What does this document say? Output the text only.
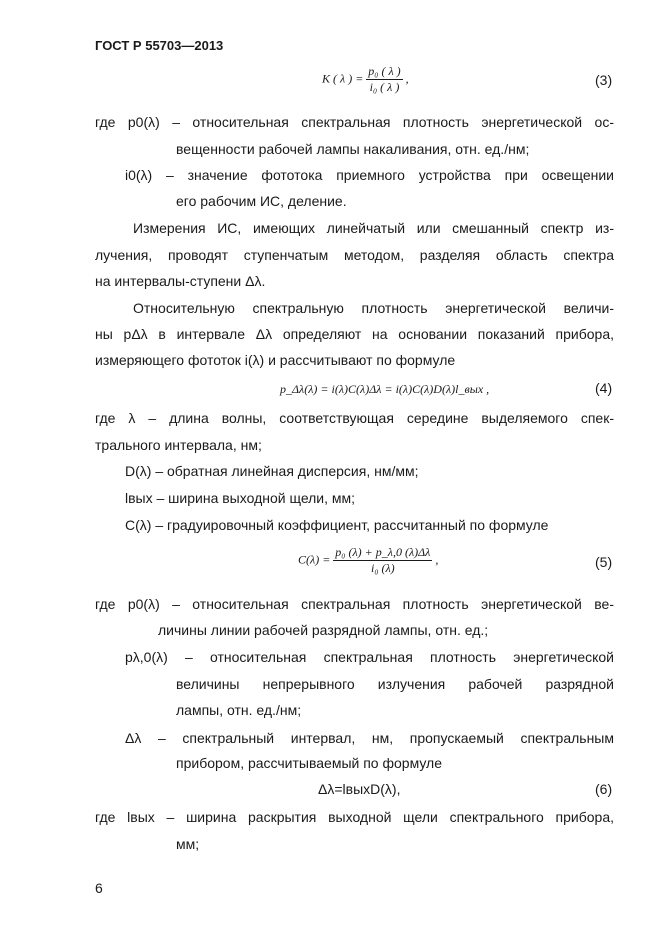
ГОСТ Р 55703—2013
K ( λ ) = $\frac{\text{p₀ ( λ )}}{\text{i₀ ( λ )}}$ ,	(3)
где p0(λ) – относительная спектральная плотность энергетической ос-
вещенности рабочей лампы накаливания, отн. ед./нм;
i0(λ) – значение фототока приемного устройства при освещении
его рабочим ИС, деление.
Измерения ИС, имеющих линейчатый или смешанный спектр из-
лучения, проводят ступенчатым методом, разделяя область спектра
на интервалы-ступени Δλ.
Относительную спектральную плотность энергетической величи-
ны pΔλ в интервале Δλ определяют на основании показаний прибора,
измеряющего фототок i(λ) и рассчитывают по формуле
p_Δλ(λ) = i(λ)C(λ)Δλ = i(λ)C(λ)D(λ)l_вых ,	(4)
где λ – длина волны, соответствующая середине выделяемого спек-
трального интервала, нм;
D(λ) – обратная линейная дисперсия, нм/мм;
lвых – ширина выходной щели, мм;
C(λ) – градуировочный коэффициент, рассчитанный по формуле
$C(\lambda) = \frac{\text{p₀ (λ) + p\_λ,0 (λ)Δλ}}{\text{i₀ (λ)}}$ ,	(5)
где p0(λ) – относительная спектральная плотность энергетической ве-
личины линии рабочей разрядной лампы, отн. ед.;
pλ,0(λ) – относительная спектральная плотность энергетической
величины непрерывного излучения рабочей разрядной
лампы, отн. ед./нм;
Δλ – спектральный интервал, нм, пропускаемый спектральным
прибором, рассчитываемый по формуле
Δλ=lвыхD(λ),	(6)
где lвых – ширина раскрытия выходной щели спектрального прибора,
мм;
6
